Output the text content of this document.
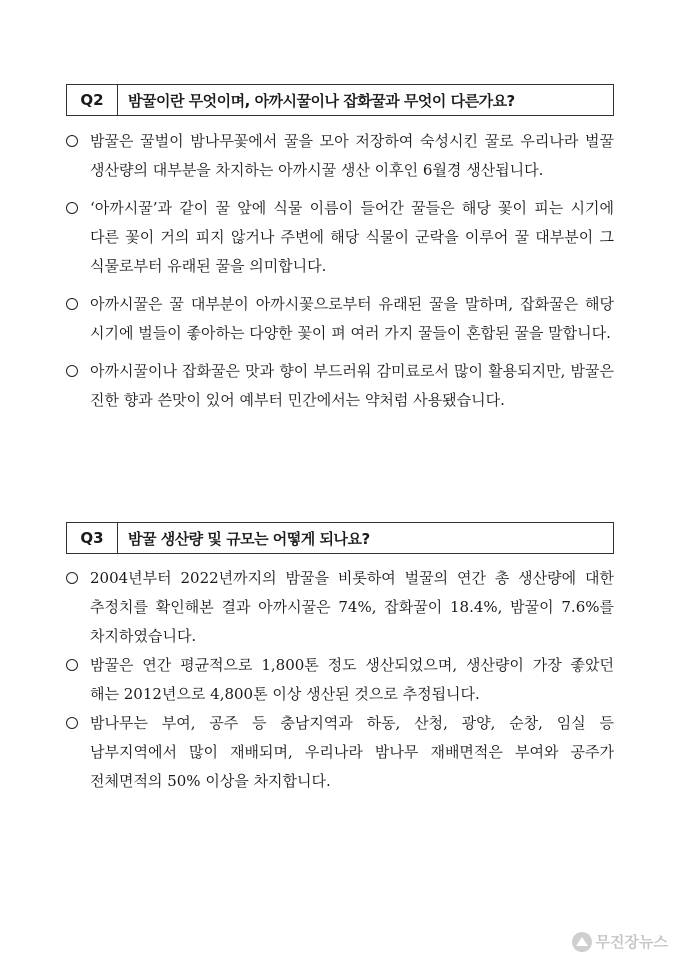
Q2	밤꿀이란 무엇이며, 아까시꿀이나 잡화꿀과 무엇이 다른가요?
밤꿀은 꿀벌이 밤나무꽃에서 꿀을 모아 저장하여 숙성시킨 꿀로 우리나라 벌꿀 생산량의 대부분을 차지하는 아까시꿀 생산 이후인 6월경 생산됩니다.
‘아까시꿀’과 같이 꿀 앞에 식물 이름이 들어간 꿀들은 해당 꽃이 피는 시기에 다른 꽃이 거의 피지 않거나 주변에 해당 식물이 군락을 이루어 꿀 대부분이 그 식물로부터 유래된 꿀을 의미합니다.
아까시꿀은 꿀 대부분이 아까시꽃으로부터 유래된 꿀을 말하며, 잡화꿀은 해당 시기에 벌들이 좋아하는 다양한 꽃이 펴 여러 가지 꿀들이 혼합된 꿀을 말합니다.
아까시꿀이나 잡화꿀은 맛과 향이 부드러워 감미료로서 많이 활용되지만, 밤꿀은 진한 향과 쓴맛이 있어 예부터 민간에서는 약처럼 사용됐습니다.
Q3	밤꿀 생산량 및 규모는 어떻게 되나요?
2004년부터 2022년까지의 밤꿀을 비롯하여 벌꿀의 연간 총 생산량에 대한 추정치를 확인해본 결과 아까시꿀은 74%, 잡화꿀이 18.4%, 밤꿀이 7.6%를 차지하였습니다.
밤꿀은 연간 평균적으로 1,800톤 정도 생산되었으며, 생산량이 가장 좋았던 해는 2012년으로 4,800톤 이상 생산된 것으로 추정됩니다.
밤나무는 부여, 공주 등 충남지역과 하동, 산청, 광양, 순창, 임실 등 남부지역에서 많이 재배되며, 우리나라 밤나무 재배면적은 부여와 공주가 전체면적의 50% 이상을 차지합니다.
무진장뉴스
